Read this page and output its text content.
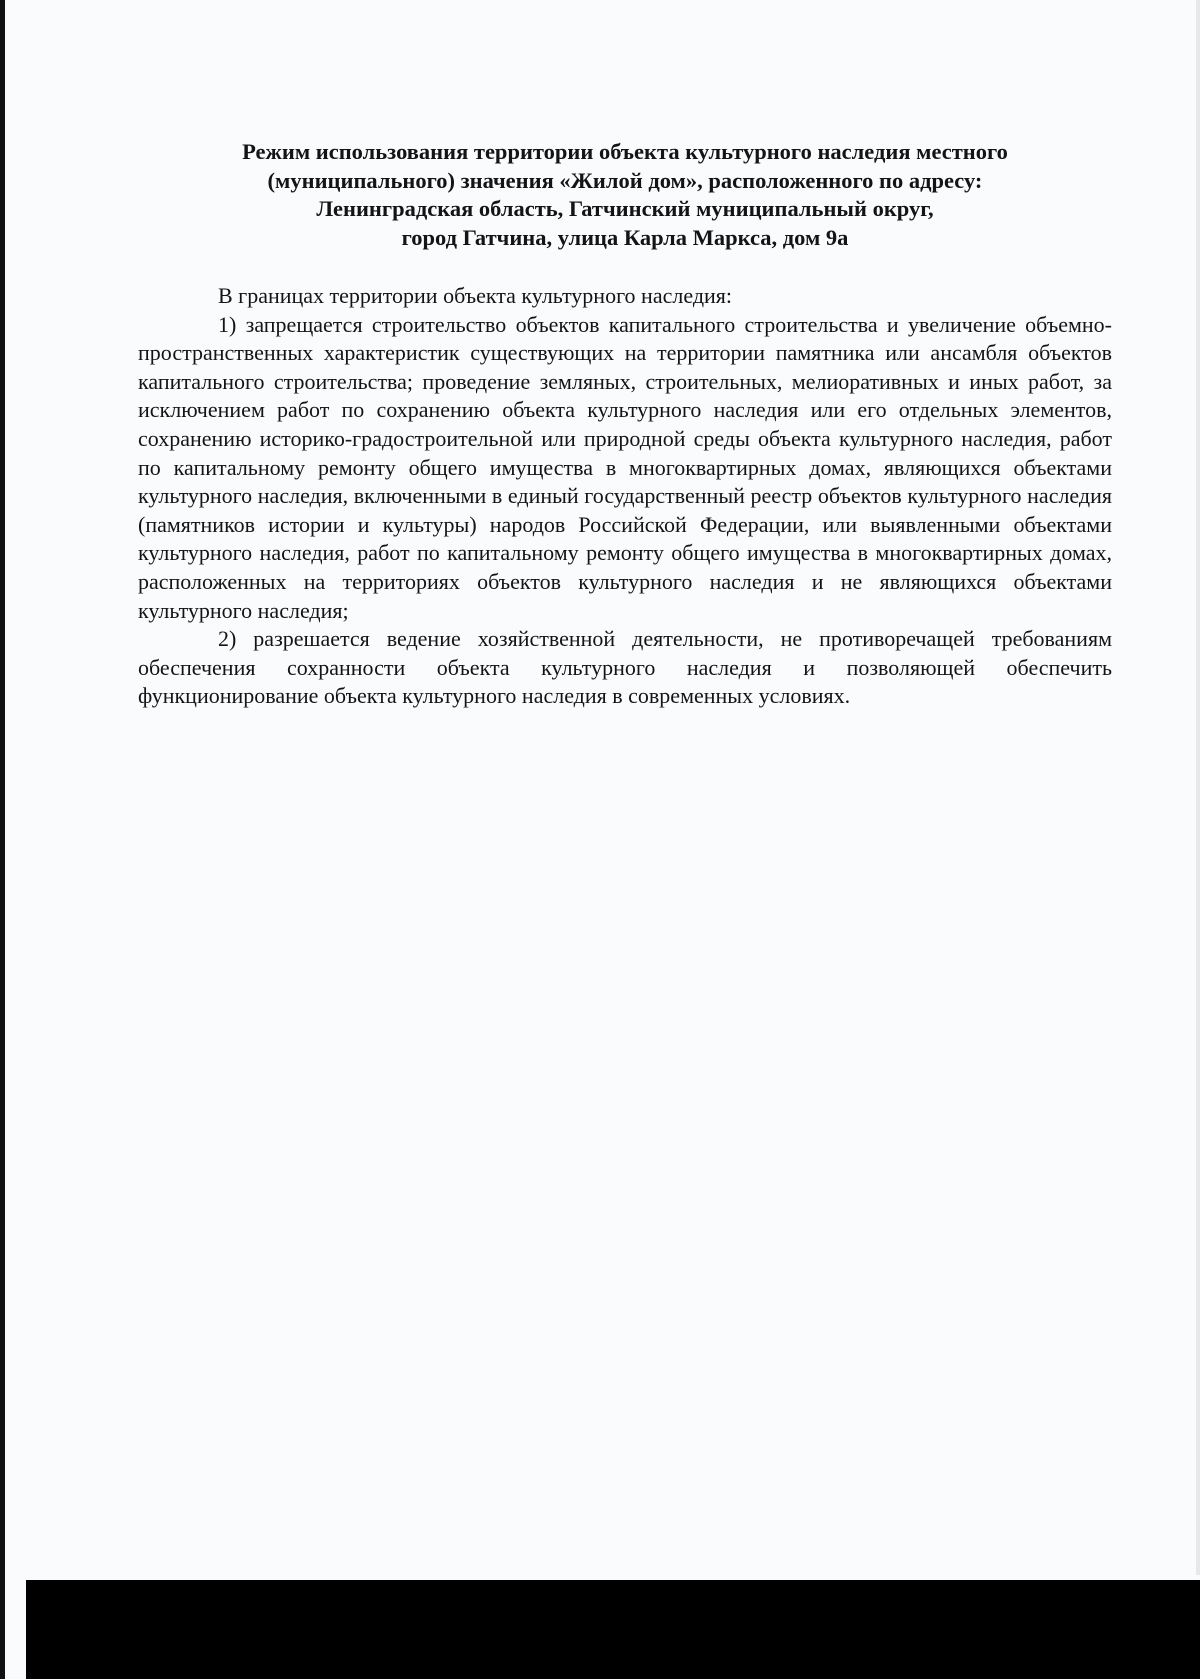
Режим использования территории объекта культурного наследия местного
(муниципального) значения «Жилой дом», расположенного по адресу:
Ленинградская область, Гатчинский муниципальный округ,
город Гатчина, улица Карла Маркса, дом 9а

В границах территории объекта культурного наследия:

1) запрещается строительство объектов капитального строительства и увеличение объемно-пространственных характеристик существующих на территории памятника или ансамбля объектов капитального строительства; проведение земляных, строительных, мелиоративных и иных работ, за исключением работ по сохранению объекта культурного наследия или его отдельных элементов, сохранению историко-градостроительной или природной среды объекта культурного наследия, работ по капитальному ремонту общего имущества в многоквартирных домах, являющихся объектами культурного наследия, включенными в единый государственный реестр объектов культурного наследия (памятников истории и культуры) народов Российской Федерации, или выявленными объектами культурного наследия, работ по капитальному ремонту общего имущества в многоквартирных домах, расположенных на территориях объектов культурного наследия и не являющихся объектами культурного наследия;

2) разрешается ведение хозяйственной деятельности, не противоречащей требованиям обеспечения сохранности объекта культурного наследия и позволяющей обеспечить функционирование объекта культурного наследия в современных условиях.
